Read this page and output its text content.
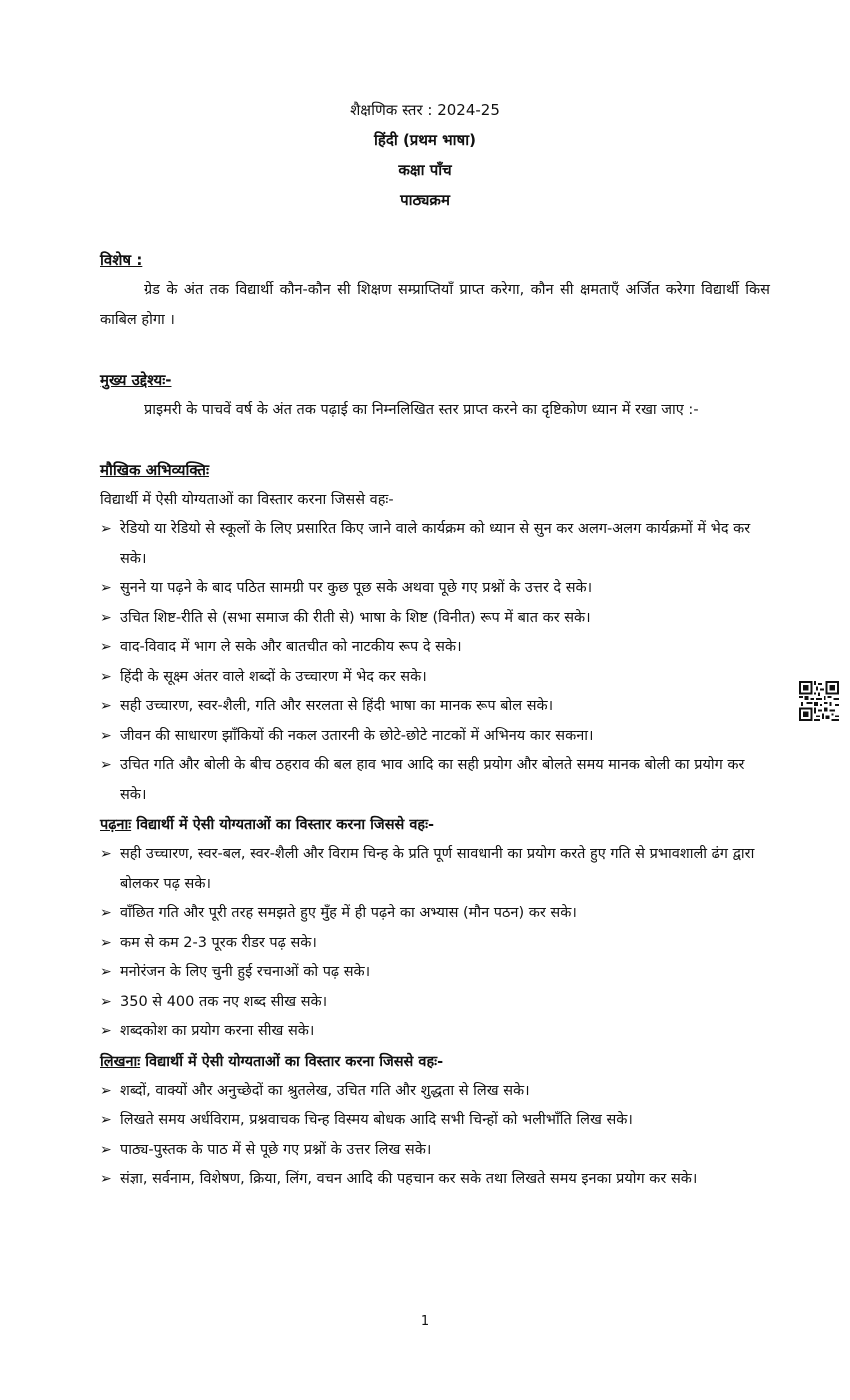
शैक्षणिक स्तर : 2024-25
हिंदी (प्रथम भाषा)
कक्षा पाँच
पाठ्यक्रम

विशेष :

ग्रेड के अंत तक विद्यार्थी कौन-कौन सी शिक्षण सम्प्राप्तियाँ प्राप्त करेगा, कौन सी क्षमताएँ अर्जित करेगा विद्यार्थी किस काबिल होगा ।

मुख्य उद्देश्यः-

प्राइमरी के पाचवें वर्ष के अंत तक पढ़ाई का निम्नलिखित स्तर प्राप्त करने का दृष्टिकोण ध्यान में रखा जाए :-

मौखिक अभिव्यक्तिः

विद्यार्थी में ऐसी योग्यताओं का विस्तार करना जिससे वहः-

➢ रेडियो या रेडियो से स्कूलों के लिए प्रसारित किए जाने वाले कार्यक्रम को ध्यान से सुन कर अलग-अलग कार्यक्रमों में भेद कर सके।
➢ सुनने या पढ़ने के बाद पठित सामग्री पर कुछ पूछ सके अथवा पूछे गए प्रश्नों के उत्तर दे सके।
➢ उचित शिष्ट-रीति से (सभा समाज की रीती से) भाषा के शिष्ट (विनीत) रूप में बात कर सके।
➢ वाद-विवाद में भाग ले सके और बातचीत को नाटकीय रूप दे सके।
➢ हिंदी के सूक्ष्म अंतर वाले शब्दों के उच्चारण में भेद कर सके।
➢ सही उच्चारण, स्वर-शैली, गति और सरलता से हिंदी भाषा का मानक रूप बोल सके।
➢ जीवन की साधारण झाँकियों की नकल उतारनी के छोटे-छोटे नाटकों में अभिनय कार सकना।
➢ उचित गति और बोली के बीच ठहराव की बल हाव भाव आदि का सही प्रयोग और बोलते समय मानक बोली का प्रयोग कर सके।

पढ़नाः विद्यार्थी में ऐसी योग्यताओं का विस्तार करना जिससे वहः-

➢ सही उच्चारण, स्वर-बल, स्वर-शैली और विराम चिन्ह के प्रति पूर्ण सावधानी का प्रयोग करते हुए गति से प्रभावशाली ढंग द्वारा बोलकर पढ़ सके।
➢ वाँछित गति और पूरी तरह समझते हुए मुँह में ही पढ़ने का अभ्यास (मौन पठन) कर सके।
➢ कम से कम 2-3 पूरक रीडर पढ़ सके।
➢ मनोरंजन के लिए चुनी हुई रचनाओं को पढ़ सके।
➢ 350 से 400 तक नए शब्द सीख सके।
➢ शब्दकोश का प्रयोग करना सीख सके।

लिखनाः विद्यार्थी में ऐसी योग्यताओं का विस्तार करना जिससे वहः-

➢ शब्दों, वाक्यों और अनुच्छेदों का श्रुतलेख, उचित गति और शुद्धता से लिख सके।
➢ लिखते समय अर्धविराम, प्रश्नवाचक चिन्ह विस्मय बोधक आदि सभी चिन्हों को भलीभाँति लिख सके।
➢ पाठ्य-पुस्तक के पाठ में से पूछे गए प्रश्नों के उत्तर लिख सके।
➢ संज्ञा, सर्वनाम, विशेषण, क्रिया, लिंग, वचन आदि की पहचान कर सके तथा लिखते समय इनका प्रयोग कर सके।
1
